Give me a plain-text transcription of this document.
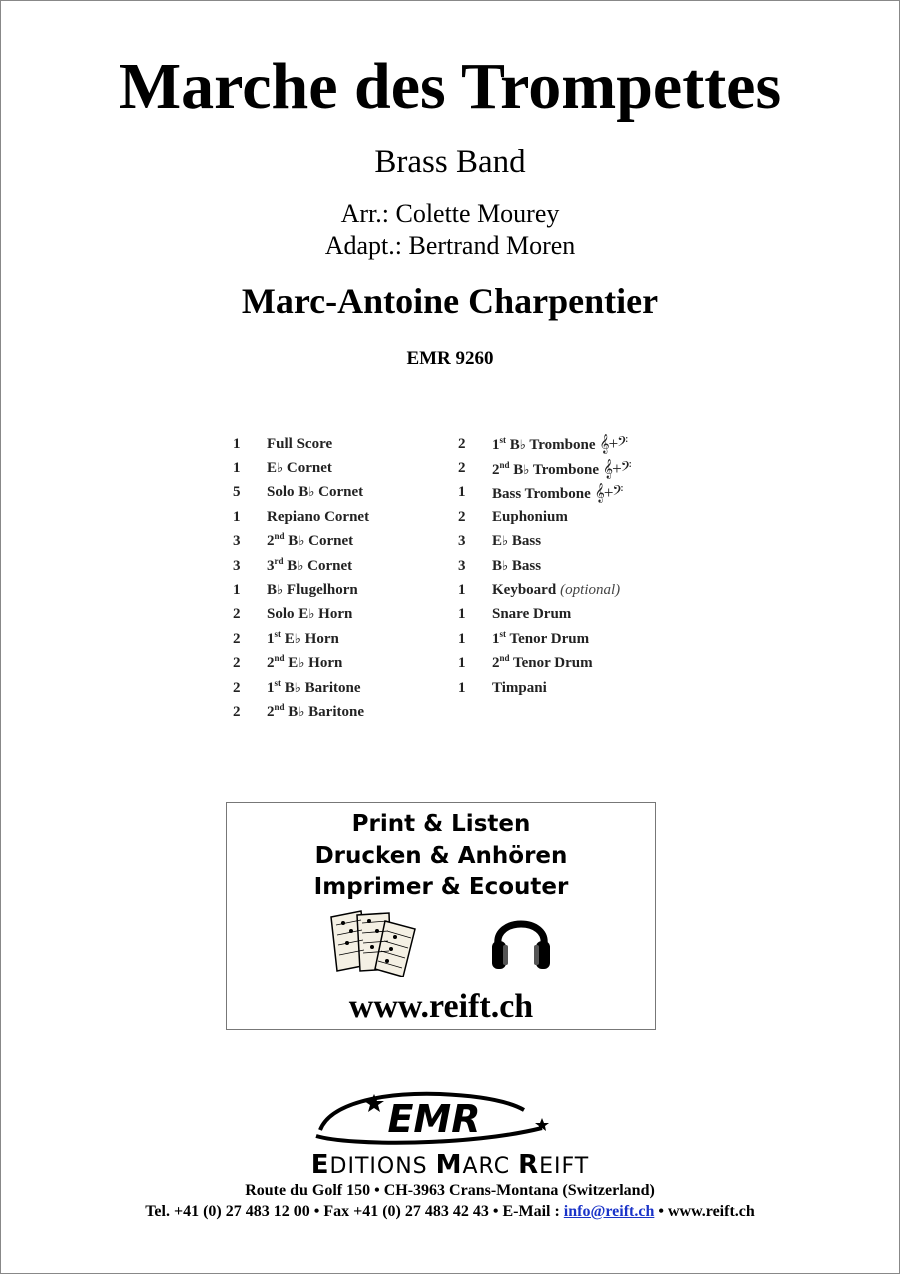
Marche des Trompettes
Brass Band
Arr.: Colette Mourey
Adapt.: Bertrand Moren
Marc-Antoine Charpentier
EMR 9260
1	Full Score
1	E♭ Cornet
5	Solo B♭ Cornet
1	Repiano Cornet
3	2nd B♭ Cornet
3	3rd B♭ Cornet
1	B♭ Flugelhorn
2	Solo E♭ Horn
2	1st E♭ Horn
2	2nd E♭ Horn
2	1st B♭ Baritone
2	2nd B♭ Baritone
2	1st B♭ Trombone 𝄞+𝄢
2	2nd B♭ Trombone 𝄞+𝄢
1	Bass Trombone 𝄞+𝄢
2	Euphonium
3	E♭ Bass
3	B♭ Bass
1	Keyboard (optional)
1	Snare Drum
1	1st Tenor Drum
1	2nd Tenor Drum
1	Timpani
Print & Listen
Drucken & Anhören
Imprimer & Ecouter
www.reift.ch
EMR
EDITIONS MARC REIFT
Route du Golf 150 • CH-3963 Crans-Montana (Switzerland)
Tel. +41 (0) 27 483 12 00 • Fax +41 (0) 27 483 42 43 • E-Mail : info@reift.ch • www.reift.ch
